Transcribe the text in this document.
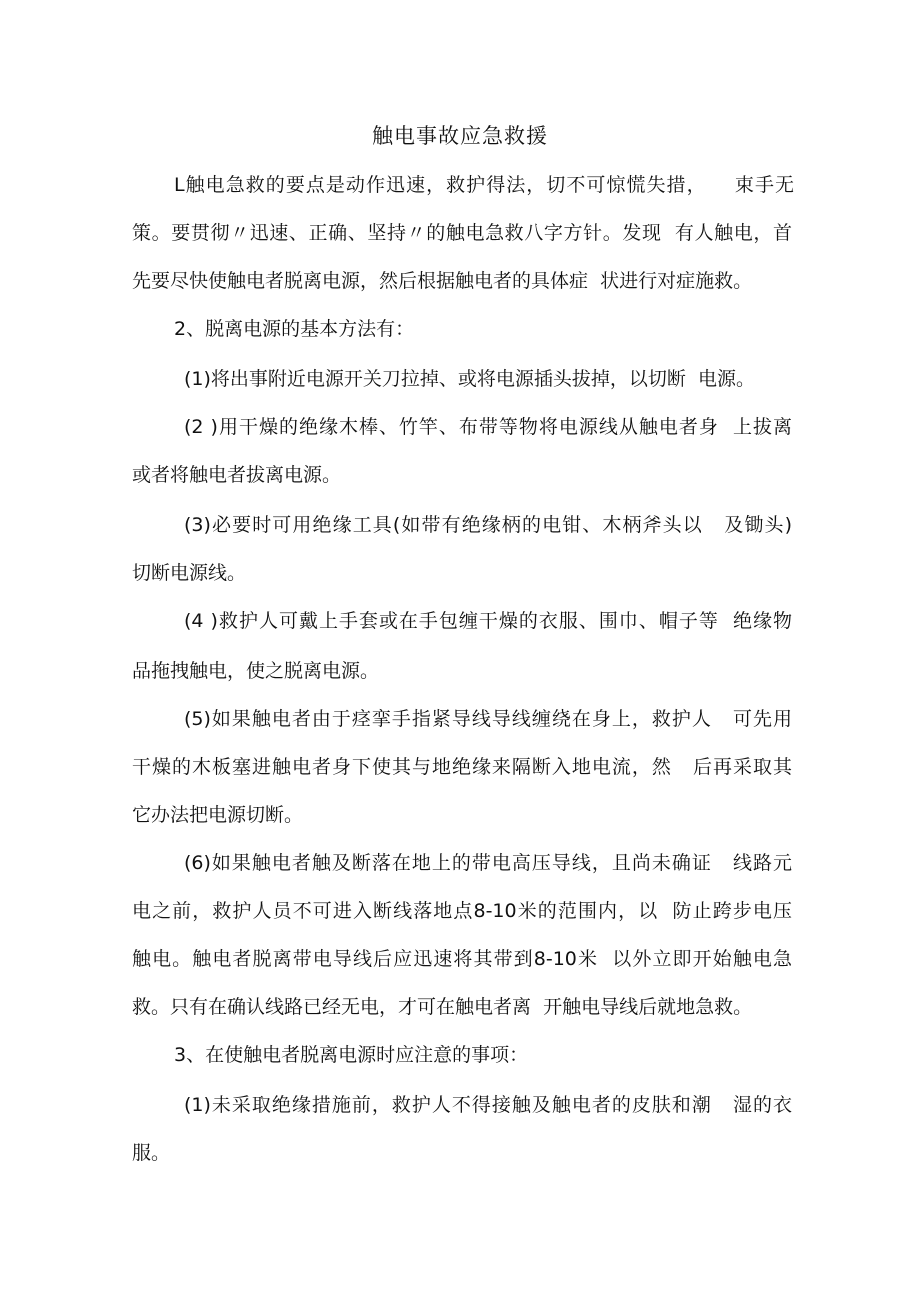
触电事故应急救援
L触电急救的要点是动作迅速，救护得法，切不可惊慌失措，    束手无
策。要贯彻〃迅速、正确、坚持〃的触电急救八字方针。发现  有人触电，首
先要尽快使触电者脱离电源，然后根据触电者的具体症  状进行对症施救。
2、脱离电源的基本方法有：
(1)将出事附近电源开关刀拉掉、或将电源插头拔掉，以切断  电源。
(2 )用干燥的绝缘木棒、竹竿、布带等物将电源线从触电者身  上拔离
或者将触电者拔离电源。
(3)必要时可用绝缘工具(如带有绝缘柄的电钳、木柄斧头以   及锄头)
切断电源线。
(4 )救护人可戴上手套或在手包缠干燥的衣服、围巾、帽子等  绝缘物
品拖拽触电，使之脱离电源。
(5)如果触电者由于痉挛手指紧导线导线缠绕在身上，救护人   可先用
干燥的木板塞进触电者身下使其与地绝缘来隔断入地电流，然   后再采取其
它办法把电源切断。
(6)如果触电者触及断落在地上的带电高压导线，且尚未确证   线路元
电之前，救护人员不可进入断线落地点8-10米的范围内，以  防止跨步电压
触电。触电者脱离带电导线后应迅速将其带到8-10米  以外立即开始触电急
救。只有在确认线路已经无电，才可在触电者离  开触电导线后就地急救。
3、在使触电者脱离电源时应注意的事项：
(1)未采取绝缘措施前，救护人不得接触及触电者的皮肤和潮   湿的衣
服。
